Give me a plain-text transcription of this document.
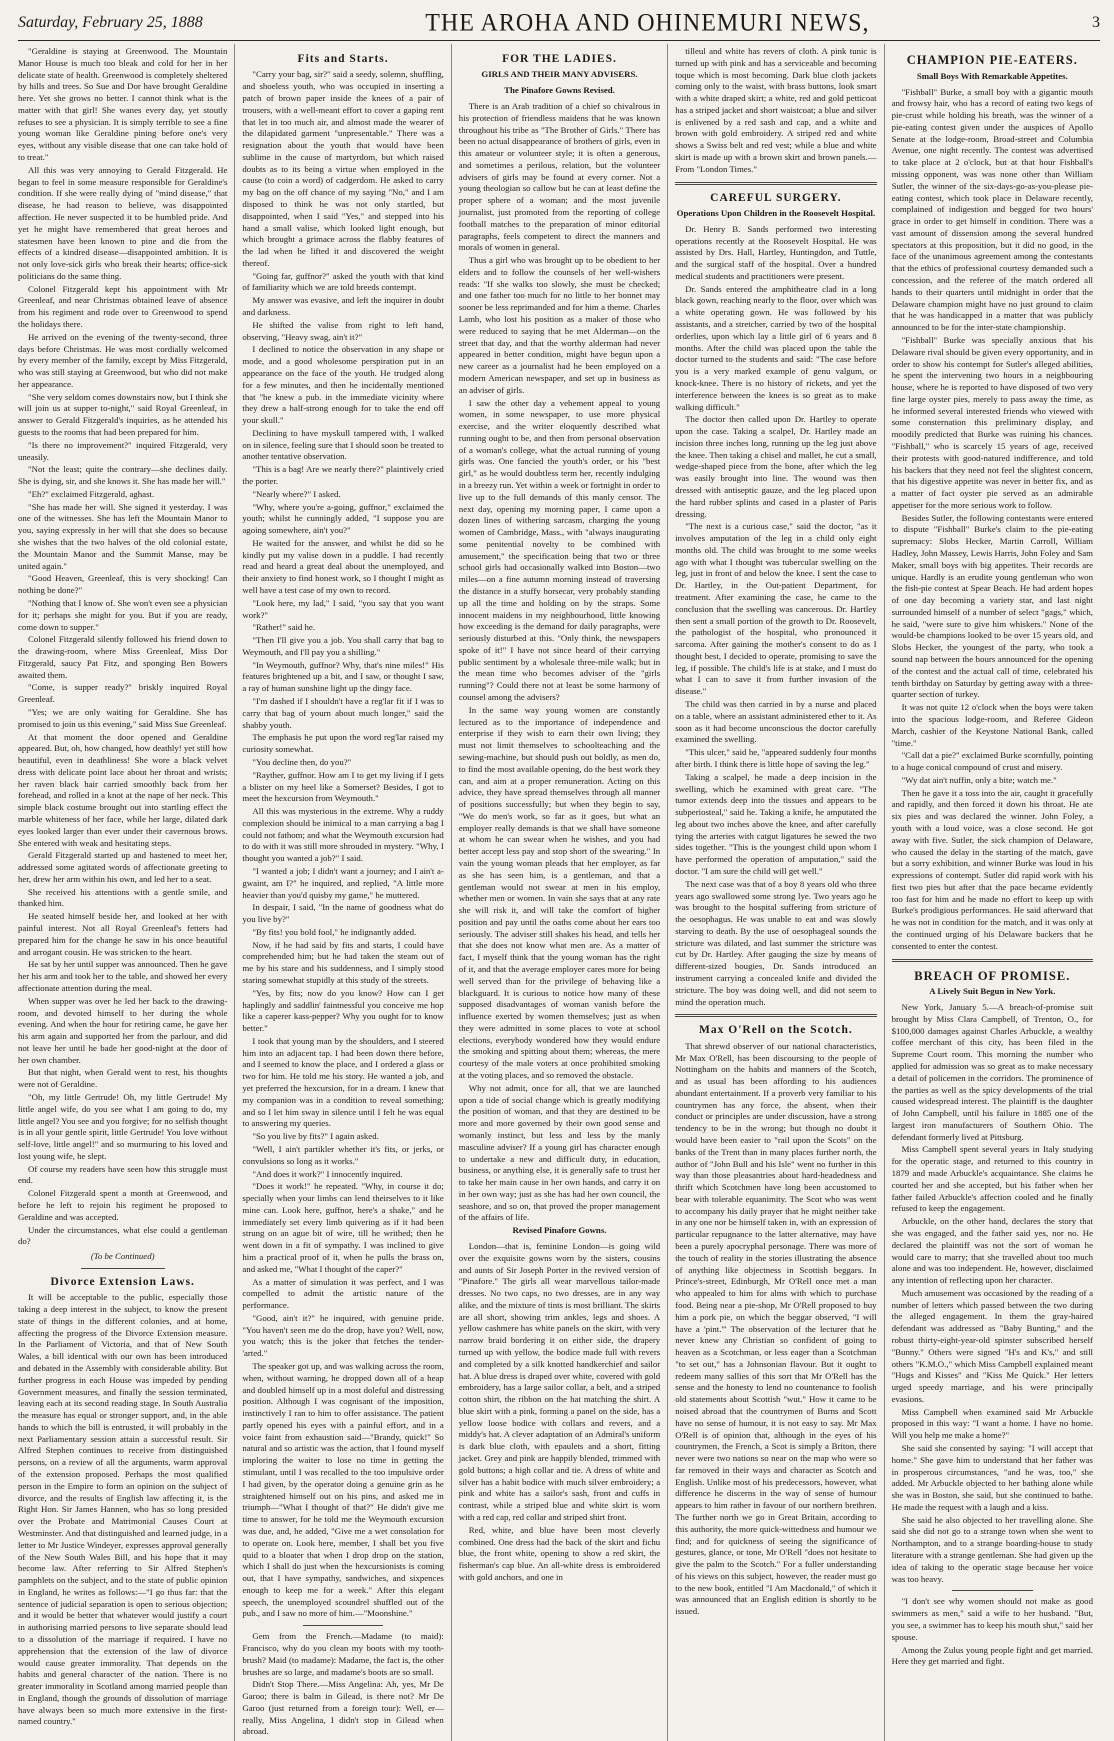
Saturday, February 25, 1888	THE AROHA AND OHINEMURI NEWS,	3

"Geraldine is staying at Greenwood. The Mountain Manor House is much too bleak and cold for her in her delicate state of health. Greenwood is completely sheltered by hills and trees. So Sue and Dor have brought Geraldine here. Yet she grows no better. I cannot think what is the matter with that girl! She wanes every day, yet stoutly refuses to see a physician. It is simply terrible to see a fine young woman like Geraldine pining before one's very eyes, without any visible disease that one can take hold of to treat."

All this was very annoying to Gerald Fitzgerald. He began to feel in some measure responsible for Geraldine's condition. If she were really dying of "mind disease," that disease, he had reason to believe, was disappointed affection. He never suspected it to be humbled pride. And yet he might have remembered that great heroes and statesmen have been known to pine and die from the effects of a kindred disease—disappointed ambition. It is not only love-sick girls who break their hearts; office-sick politicians do the same thing.

Colonel Fitzgerald kept his appointment with Mr Greenleaf, and near Christmas obtained leave of absence from his regiment and rode over to Greenwood to spend the holidays there.

He arrived on the evening of the twenty-second, three days before Christmas. He was most cordially welcomed by every member of the family, except by Miss Fitzgerald, who was still staying at Greenwood, but who did not make her appearance.

"She very seldom comes downstairs now, but I think she will join us at supper to-night," said Royal Greenleaf, in answer to Gerald Fitzgerald's inquiries, as he attended his guests to the rooms that had been prepared for him.

"Is there no improvement?" inquired Fitzgerald, very uneasily.

"Not the least; quite the contrary—she declines daily. She is dying, sir, and she knows it. She has made her will."

"Eh?" exclaimed Fitzgerald, aghast.

"She has made her will. She signed it yesterday. I was one of the witnesses. She has left the Mountain Manor to you, saying expressly in her will that she does so because she wishes that the two halves of the old colonial estate, the Mountain Manor and the Summit Manse, may be united again."

"Good Heaven, Greenleaf, this is very shocking! Can nothing be done?"

"Nothing that I know of. She won't even see a physician for it; perhaps she might for you. But if you are ready, come down to supper."

Colonel Fitzgerald silently followed his friend down to the drawing-room, where Miss Greenleaf, Miss Dor Fitzgerald, saucy Pat Fitz, and sponging Ben Bowers awaited them.

"Come, is supper ready?" briskly inquired Royal Greenleaf.

"Yes; we are only waiting for Geraldine. She has promised to join us this evening," said Miss Sue Greenleaf.

At that moment the door opened and Geraldine appeared. But, oh, how changed, how deathly! yet still how beautiful, even in deathliness! She wore a black velvet dress with delicate point lace about her throat and wrists; her raven black hair carried smoothly back from her forehead, and rolled in a knot at the nape of her neck. This simple black costume brought out into startling effect the marble whiteness of her face, while her large, dilated dark eyes looked larger than ever under their cavernous brows. She entered with weak and hesitating steps.

Gerald Fitzgerald started up and hastened to meet her, addressed some agitated words of affectionate greeting to her, drew her arm within his own, and led her to a seat.

She received his attentions with a gentle smile, and thanked him.

He seated himself beside her, and looked at her with painful interest. Not all Royal Greenleaf's fetters had prepared him for the change he saw in his once beautiful and arrogant cousin. He was stricken to the heart.

He sat by her until supper was announced. Then he gave her his arm and took her to the table, and showed her every affectionate attention during the meal.

When supper was over he led her back to the drawing-room, and devoted himself to her during the whole evening. And when the hour for retiring came, he gave her his arm again and supported her from the parlour, and did not leave her until he bade her good-night at the door of her own chamber.

But that night, when Gerald went to rest, his thoughts were not of Geraldine.

"Oh, my little Gertrude! Oh, my little Gertrude! My little angel wife, do you see what I am going to do, my little angel? You see and you forgive; for no selfish thought is in all your gentle spirit, little Gertrude! You love without self-love, little angel!" and so murmuring to his loved and lost young wife, he slept.

Of course my readers have seen how this struggle must end.

Colonel Fitzgerald spent a month at Greenwood, and before he left to rejoin his regiment he proposed to Geraldine and was accepted.

Under the circumstances, what else could a gentleman do?

(To be Continued)
Divorce Extension Laws.

It will be acceptable to the public, especially those taking a deep interest in the subject, to know the present state of things in the different colonies, and at home, affecting the progress of the Divorce Extension measure. In the Parliament of Victoria, and that of New South Wales, a bill identical with our own has been introduced and debated in the Assembly with considerable ability. But further progress in each House was impeded by pending Government measures, and finally the session terminated, leaving each at its second reading stage. In South Australia the measure has equal or stronger support, and, in the able hands to which the bill is entrusted, it will probably in the next Parliamentary session attain a successful result. Sir Alfred Stephen continues to receive from distinguished persons, on a review of all the arguments, warm approval of the extension proposed. Perhaps the most qualified person in the Empire to form an opinion on the subject of divorce, and the results of English law affecting it, is the Right Hon. Sir James Hannen, who has so long presided over the Probate and Matrimonial Causes Court at Westminster. And that distinguished and learned judge, in a letter to Mr Justice Windeyer, expresses approval generally of the New South Wales Bill, and his hope that it may become law. After referring to Sir Alfred Stephen's pamphlets on the subject, and to the state of public opinion in England, he writes as follows:—"I go thus far: that the sentence of judicial separation is open to serious objection; and it would be better that whatever would justify a court in authorising married persons to live separate should lead to a dissolution of the marriage if required. I have no apprehension that the extension of the law of divorce would cause greater immorality. That depends on the habits and general character of the nation. There is no greater immorality in Scotland among married people than in England, though the grounds of dissolution of marriage have always been so much more extensive in the first-named country."

Fits and Starts.

"Carry your bag, sir?" said a seedy, solemn, shuffling, and shoeless youth, who was occupied in inserting a patch of brown paper inside the knees of a pair of trousers, with a well-meant effort to cover a gaping rent that let in too much air, and almost made the wearer of the dilapidated garment "unpresentable." There was a resignation about the youth that would have been sublime in the cause of martyrdom, but which raised doubts as to its being a virtue when employed in the cause (to coin a word) of cadgerdom. He asked to carry my bag on the off chance of my saying "No," and I am disposed to think he was not only startled, but disappointed, when I said "Yes," and stepped into his hand a small valise, which looked light enough, but which brought a grimace across the flabby features of the lad when he lifted it and discovered the weight thereof.

"Going far, guffnor?" asked the youth with that kind of familiarity which we are told breeds contempt.

My answer was evasive, and left the inquirer in doubt and darkness.

He shifted the valise from right to left hand, observing, "Heavy swag, ain't it?"

I declined to notice the observation in any shape or mode, and a good wholesome perspiration put in an appearance on the face of the youth. He trudged along for a few minutes, and then he incidentally mentioned that "he knew a pub. in the immediate vicinity where they drew a half-strong enough for to take the end off your skull."

Declining to have myskull tampered with, I walked on in silence, feeling sure that I should soon be treated to another tentative observation.

"This is a bag! Are we nearly there?" plaintively cried the porter.

"Nearly where?" I asked.

"Why, where you're a-going, guffnor," exclaimed the youth; whilst he cunningly added, "I suppose you are agoing somewhere, ain't you?"

He waited for the answer, and whilst he did so he kindly put my valise down in a puddle. I had recently read and heard a great deal about the unemployed, and their anxiety to find honest work, so I thought I might as well have a test case of my own to record.

"Look here, my lad," I said, "you say that you want work?"

"Rather!" said he.

"Then I'll give you a job. You shall carry that bag to Weymouth, and I'll pay you a shilling."

"In Weymouth, guffnor? Why, that's nine miles!" His features brightened up a bit, and I saw, or thought I saw, a ray of human sunshine light up the dingy face.

"I'm dashed if I shouldn't have a reg'lar fit if I was to carry that bag of yourn about much longer," said the shabby youth.

The emphasis he put upon the word reg'lar raised my curiosity somewhat.

"You decline then, do you?"

"Rayther, guffnor. How am I to get my living if I gets a blister on my heel like a Somerset? Besides, I got to meet the hexcursion from Weymouth."

All this was mysterious in the extreme. Why a ruddy complexion should be inimical to a man carrying a bag I could not fathom; and what the Weymouth excursion had to do with it was still more shrouded in mystery. "Why, I thought you wanted a job?" I said.

"I wanted a job; I didn't want a journey; and I ain't a-gwaint, am I?" he inquired, and replied, "A little more heavier than you'd quisby my game," he muttered.

In despair, I said, "In the name of goodness what do you live by?"

"By fits! you bold fool," he indignantly added.

Now, if he had said by fits and starts, I could have comprehended him; but he had taken the steam out of me by his stare and his suddenness, and I simply stood staring somewhat stupidly at this study of the streets.

"Yes, by fits; now do you know? How can I get haplingly and saddlin' faintnessful you conceive me hop like a caperer kass-pepper? Why you ought for to know better."

I took that young man by the shoulders, and I steered him into an adjacent tap. I had been down there before, and I seemed to know the place, and I ordered a glass or two for him. He told me his story. He wanted a job, and yet preferred the hexcursion, for in a dream. I knew that my companion was in a condition to reveal something; and so I let him sway in silence until I felt he was equal to answering my queries.

"So you live by fits?" I again asked.

"Well, I ain't partikler whether it's fits, or jerks, or convulsions so long as it works."

"And does it work?" I innocently inquired.

"Does it work!" he repeated. "Why, in course it do; specially when your limbs can lend theirselves to it like mine can. Look here, guffnor, here's a shake," and he immediately set every limb quivering as if it had been strung on an ague bit of wire, till he writhed; then he went down in a fit of sympathy. I was inclined to give him a practical proof of it, when he pulls the brass on, and asked me, "What I thought of the caper?"

As a matter of simulation it was perfect, and I was compelled to admit the artistic nature of the performance.

"Good, ain't it?" he inquired, with genuine pride. "You haven't seen me do the drop, have you? Well, now, you watch; this is the joker that fetches the tender-'arted."

The speaker got up, and was walking across the room, when, without warning, he dropped down all of a heap and doubled himself up in a most doleful and distressing position. Although I was cognisant of the imposition, instinctively I ran to him to offer assistance. The patient partly opened his eyes with a painful effort, and in a voice faint from exhaustion said—"Brandy, quick!" So natural and so artistic was the action, that I found myself imploring the waiter to lose no time in getting the stimulant, until I was recalled to the too impulsive order I had given, by the operator doing a genuine grin as he straightened himself out on his pins, and asked me in triumph—"What I thought of that?" He didn't give me time to answer, for he told me the Weymouth excursion was due, and, he added, "Give me a wet consolation for to operate on. Look here, member, I shall bet you five quid to a bloater that when I drop drop on the station, which I shall do just when the hexcursionists is coming out, that I have sympathy, sandwiches, and sixpences enough to keep me for a week." After this elegant speech, the unemployed scoundrel shuffled out of the pub., and I saw no more of him.—"Moonshine."

Gem from the French.—Madame (to maid): Francisco, why do you clean my boots with my tooth-brush? Maid (to madame): Madame, the fact is, the other brushes are so large, and madame's boots are so small.

Didn't Stop There.—Miss Angelina: Ah, yes, Mr De Garoo; there is balm in Gilead, is there not? Mr De Garoo (just returned from a foreign tour): Well, er—really, Miss Angelina, I didn't stop in Gilead when abroad.

FOR THE LADIES.
GIRLS AND THEIR MANY ADVISERS.
The Pinafore Gowns Revised.

There is an Arab tradition of a chief so chivalrous in his protection of friendless maidens that he was known throughout his tribe as "The Brother of Girls." There has been no actual disappearance of brothers of girls, even in this amateur or volunteer style; it is often a generous, and sometimes a perilous, relation, but the volunteer advisers of girls may be found at every corner. Not a young theologian so callow but he can at least define the proper sphere of a woman; and the most juvenile journalist, just promoted from the reporting of college football matches to the preparation of minor editorial paragraphs, feels competent to direct the manners and morals of women in general.

Thus a girl who was brought up to be obedient to her elders and to follow the counsels of her well-wishers reads: "If she walks too slowly, she must be checked; and one father too much for no little to her bonnet may sooner be less reprimanded and for him a theme. Charles Lamb, who lost his position as a maker of those who were reduced to saying that he met Alderman—on the street that day, and that the worthy alderman had never appeared in better condition, might have begun upon a new career as a journalist had he been employed on a modern American newspaper, and set up in business as an adviser of girls.

I saw the other day a vehement appeal to young women, in some newspaper, to use more physical exercise, and the writer eloquently described what running ought to be, and then from personal observation of a woman's college, what the actual running of young girls was. One fancied the youth's order, or his "best girl," as he would doubtless term her, recently indulging in a breezy run. Yet within a week or fortnight in order to live up to the full demands of this manly censor. The next day, opening my morning paper, I came upon a dozen lines of withering sarcasm, charging the young women of Cambridge, Mass., with "always inaugurating some penitential novelty to be combined with amusement," the specification being that two or three school girls had occasionally walked into Boston—two miles—on a fine autumn morning instead of traversing the distance in a stuffy horsecar, very probably standing up all the time and holding on by the straps. Some innocent maidens in my neighbourhood, little knowing how exceeding is the demand for daily paragraphs, were seriously disturbed at this. "Only think, the newspapers spoke of it!" I have not since heard of their carrying public sentiment by a wholesale three-mile walk; but in the mean time who becomes adviser of the "girls running"? Could there not at least be some harmony of counsel among the advisers?

In the same way young women are constantly lectured as to the importance of independence and enterprise if they wish to earn their own living; they must not limit themselves to schoolteaching and the sewing-machine, but should push out boldly, as men do, to find the most available opening, do the best work they can, and aim at a proper remuneration. Acting on this advice, they have spread themselves through all manner of positions successfully; but when they begin to say, "We do men's work, so far as it goes, but what an employer really demands is that we shall have someone at whom he can swear when he wishes, and you had better accept less pay and stop short of the swearing." In vain the young woman pleads that her employer, as far as she has seen him, is a gentleman, and that a gentleman would not swear at men in his employ, whether men or women. In vain she says that at any rate she will risk it, and will take the comfort of higher position and pay until the oaths come about her ears too seriously. The adviser still shakes his head, and tells her that she does not know what men are. As a matter of fact, I myself think that the young woman has the right of it, and that the average employer cares more for being well served than for the privilege of behaving like a blackguard. It is curious to notice how many of these supposed disadvantages of woman vanish before the influence exerted by women themselves; just as when they were admitted in some places to vote at school elections, everybody wondered how they would endure the smoking and spitting about them; whereas, the mere courtesy of the male voters at once prohibited smoking at the voting places, and so removed the obstacle.

Why not admit, once for all, that we are launched upon a tide of social change which is greatly modifying the position of woman, and that they are destined to be more and more governed by their own good sense and womanly instinct, but less and less by the manly masculine adviser? If a young girl has character enough to undertake a new and difficult duty, in education, business, or anything else, it is generally safe to trust her to take her main cause in her own hands, and carry it on in her own way; just as she has had her own council, the seashore, and so on, that proved the proper management of the affairs of life.

Revised Pinafore Gowns.

London—that is, feminine London—is going wild over the exquisite gowns worn by the sisters, cousins and aunts of Sir Joseph Porter in the revived version of "Pinafore." The girls all wear marvellous tailor-made dresses. No two caps, no two dresses, are in any way alike, and the mixture of tints is most brilliant. The skirts are all short, showing trim ankles, legs and shoes. A yellow cashmere has white panels on the skirt, with very narrow braid bordering it on either side, the drapery turned up with yellow, the bodice made full with revers and completed by a silk knotted handkerchief and sailor hat. A blue dress is draped over white, covered with gold embroidery, has a large sailor collar, a belt, and a striped cotton shirt, the ribbon on the hat matching the shirt. A blue skirt with a pink, forming a panel on the side, has a yellow loose bodice with collars and revers, and a middy's hat. A clever adaptation of an Admiral's uniform is dark blue cloth, with epaulets and a short, fitting jacket. Grey and pink are happily blended, trimmed with gold buttons; a high collar and tie. A dress of white and silver has a habit bodice with much silver embroidery; a pink and white has a sailor's sash, front and cuffs in contrast, while a striped blue and white skirt is worn with a red cap, red collar and striped shirt front.

Red, white, and blue have been most cleverly combined. One dress had the back of the skirt and fichu blue, the front white, opening to show a red skirt, the fisherman's cap blue. An all-white dress is embroidered with gold anchors, and one in

tilleul and white has revers of cloth. A pink tunic is turned up with pink and has a serviceable and becoming toque which is most becoming. Dark blue cloth jackets coming only to the waist, with brass buttons, look smart with a white draped skirt; a white, red and gold petticoat has a striped jacket and short waistcoat; a blue and silver is enlivened by a red sash and cap, and a white and brown with gold embroidery. A striped red and white shows a Swiss belt and red vest; while a blue and white skirt is made up with a brown skirt and brown panels.—From "London Times."

CAREFUL SURGERY.
Operations Upon Children in the Roosevelt Hospital.

Dr. Henry B. Sands performed two interesting operations recently at the Roosevelt Hospital. He was assisted by Drs. Hall, Hartley, Huntingdon, and Tuttle, and the surgical staff of the hospital. Over a hundred medical students and practitioners were present.

Dr. Sands entered the amphitheatre clad in a long black gown, reaching nearly to the floor, over which was a white operating gown. He was followed by his assistants, and a stretcher, carried by two of the hospital orderlies, upon which lay a little girl of 6 years and 8 months. After the child was placed upon the table the doctor turned to the students and said: "The case before you is a very marked example of genu valgum, or knock-knee. There is no history of rickets, and yet the interference between the knees is so great as to make walking difficult."

The doctor then called upon Dr. Hartley to operate upon the case. Taking a scalpel, Dr. Hartley made an incision three inches long, running up the leg just above the knee. Then taking a chisel and mallet, he cut a small, wedge-shaped piece from the bone, after which the leg was easily brought into line. The wound was then dressed with antiseptic gauze, and the leg placed upon the hard rubber splints and cased in a plaster of Paris dressing.

"The next is a curious case," said the doctor, "as it involves amputation of the leg in a child only eight months old. The child was brought to me some weeks ago with what I thought was tubercular swelling on the leg, just in front of and below the knee. I sent the case to Dr. Hartley, in the Out-patient Department, for treatment. After examining the case, he came to the conclusion that the swelling was cancerous. Dr. Hartley then sent a small portion of the growth to Dr. Roosevelt, the pathologist of the hospital, who pronounced it sarcoma. After gaining the mother's consent to do as I thought best, I decided to operate, promising to save the leg, if possible. The child's life is at stake, and I must do what I can to save it from further invasion of the disease."

The child was then carried in by a nurse and placed on a table, where an assistant administered ether to it. As soon as it had become unconscious the doctor carefully examined the swelling.

"This ulcer," said he, "appeared suddenly four months after birth. I think there is little hope of saving the leg."

Taking a scalpel, he made a deep incision in the swelling, which he examined with great care. "The tumor extends deep into the tissues and appears to be subperiosteal," said he. Taking a knife, he amputated the leg about two inches above the knee, and after carefully tying the arteries with catgut ligatures he sewed the two sides together. "This is the youngest child upon whom I have performed the operation of amputation," said the doctor. "I am sure the child will get well."

The next case was that of a boy 8 years old who three years ago swallowed some strong lye. Two years ago he was brought to the hospital suffering from stricture of the oesophagus. He was unable to eat and was slowly starving to death. By the use of oesophageal sounds the stricture was dilated, and last summer the stricture was cut by Dr. Hartley. After gauging the size by means of different-sized bougies, Dr. Sands introduced an instrument carrying a concealed knife and divided the stricture. The boy was doing well, and did not seem to mind the operation much.

Max O'Rell on the Scotch.

That shrewd observer of our national characteristics, Mr Max O'Rell, has been discoursing to the people of Nottingham on the habits and manners of the Scotch, and as usual has been affording to his audiences abundant entertainment. If a proverb very familiar to his countrymen has any force, the absent, when their conduct or principles are under discussion, have a strong tendency to be in the wrong; but though no doubt it would have been easier to "rail upon the Scots" on the banks of the Trent than in many places further north, the author of "John Bull and his Isle" went no further in this way than those pleasantries about hard-headedness and thrift which Scotchmen have long been accustomed to bear with tolerable equanimity. The Scot who was went to accompany his daily prayer that he might neither take in any one nor be himself taken in, with an expression of particular repugnance to the latter alternative, may have been a purely apocryphal personage. There was more of the touch of reality in the stories illustrating the absence of anything like objectness in Scottish beggars. In Prince's-street, Edinburgh, Mr O'Rell once met a man who appealed to him for alms with which to purchase food. Being near a pie-shop, Mr O'Rell proposed to buy him a pork pie, on which the beggar observed, "I will have a 'pint.'" The observation of the lecturer that he never knew any Christian so confident of going to heaven as a Scotchman, or less eager than a Scotchman "to set out," has a Johnsonian flavour. But it ought to redeem many sallies of this sort that Mr O'Rell has the sense and the honesty to lend no countenance to foolish old statements about Scottish "wut." How it came to be noised abroad that the countrymen of Burns and Scott have no sense of humour, it is not easy to say. Mr Max O'Rell is of opinion that, although in the eyes of his countrymen, the French, a Scot is simply a Briton, there never were two nations so near on the map who were so far removed in their ways and character as Scotch and English. Unlike most of his predecessors, however, what difference he discerns in the way of sense of humour appears to him rather in favour of our northern brethren. The further north we go in Great Britain, according to this authority, the more quick-wittedness and humour we find; and for quickness of seeing the significance of gestures, glance, or tone, Mr O'Rell "does not hesitate to give the palm to the Scotch." For a fuller understanding of his views on this subject, however, the reader must go to the new book, entitled "I Am Macdonald," of which it was announced that an English edition is shortly to be issued.

CHAMPION PIE-EATERS.
Small Boys With Remarkable Appetites.

"Fishball" Burke, a small boy with a gigantic mouth and frowsy hair, who has a record of eating two kegs of pie-crust while holding his breath, was the winner of a pie-eating contest given under the auspices of Apollo Senate at the lodge-room, Broad-street and Columbia Avenue, one night recently. The contest was advertised to take place at 2 o'clock, but at that hour Fishball's missing opponent, was was none other than William Sutler, the winner of the six-days-go-as-you-please pie-eating contest, which took place in Delaware recently, complained of indigestion and begged for two hours' grace in order to get himself in condition. There was a vast amount of dissension among the several hundred spectators at this proposition, but it did no good, in the face of the unanimous agreement among the contestants that the ethics of professional courtesy demanded such a concession, and the referee of the match ordered all hands to their quarters until midnight in order that the Delaware champion might have no just ground to claim that he was handicapped in a matter that was publicly announced to be for the inter-state championship.

"Fishball" Burke was specially anxious that his Delaware rival should be given every opportunity, and in order to show his contempt for Sutler's alleged abilities, he spent the intervening two hours in a neighbouring house, where he is reported to have disposed of two very fine large oyster pies, merely to pass away the time, as he informed several interested friends who viewed with some consternation this preliminary display, and moodily predicted that Burke was ruining his chances. "Fishball," who is scarcely 15 years of age, received their protests with good-natured indifference, and told his backers that they need not feel the slightest concern, that his digestive appetite was never in better fix, and as a matter of fact oyster pie served as an admirable appetiser for the more serious work to follow.

Besides Sutler, the following contestants were entered to dispute "Fishball" Burke's claim to the pie-eating supremacy: Slobs Hecker, Martin Carroll, William Hadley, John Massey, Lewis Harris, John Foley and Sam Maker, small boys with big appetites. Their records are unique. Hardly is an erudite young gentleman who won the fish-pie contest at Spear Beach. He had ardent hopes of one day becoming a variety star, and last night surrounded himself of a number of select "gags," which, he said, "were sure to give him whiskers." None of the would-be champions looked to be over 15 years old, and Slobs Hecker, the youngest of the party, who took a sound nap between the hours announced for the opening of the contest and the actual call of time, celebrated his tenth birthday on Saturday by getting away with a three-quarter section of turkey.

It was not quite 12 o'clock when the boys were taken into the spacious lodge-room, and Referee Gideon March, cashier of the Keystone National Bank, called "time."

"Call dat a pie?" exclaimed Burke scornfully, pointing to a huge conical compound of crust and misery.

"Wy dat ain't nuffin, only a bite; watch me."

Then he gave it a toss into the air, caught it gracefully and rapidly, and then forced it down his throat. He ate six pies and was declared the winner. John Foley, a youth with a loud voice, was a close second. He got away with five. Sutler, the sick champion of Delaware, who caused the delay in the starting of the match, gave but a sorry exhibition, and winner Burke was loud in his expressions of contempt. Sutler did rapid work with his first two pies but after that the pace became evidently too fast for him and he made no effort to keep up with Burke's prodigious performances. He said afterward that he was not in condition for the match, and it was only at the continued urging of his Delaware backers that he consented to enter the contest.

BREACH OF PROMISE.
A Lively Suit Begun in New York.

New York, January 5.—A breach-of-promise suit brought by Miss Clara Campbell, of Trenton, O., for $100,000 damages against Charles Arbuckle, a wealthy coffee merchant of this city, has been filed in the Supreme Court room. This morning the number who applied for admission was so great as to make necessary a detail of policemen in the corridors. The prominence of the parties as well as the spicy developments of the trial caused widespread interest. The plaintiff is the daughter of John Campbell, until his failure in 1885 one of the largest iron manufacturers of Southern Ohio. The defendant formerly lived at Pittsburg.

Miss Campbell spent several years in Italy studying for the operatic stage, and returned to this country in 1879 and made Arbuckle's acquaintance. She claims he courted her and she accepted, but his father when her father failed Arbuckle's affection cooled and he finally refused to keep the engagement.

Arbuckle, on the other hand, declares the story that she was engaged, and the father said yes, nor no. He declared the plaintiff was not the sort of woman he would care to marry; that she travelled about too much alone and was too independent. He, however, disclaimed any intention of reflecting upon her character.

Much amusement was occasioned by the reading of a number of letters which passed between the two during the alleged engagement. In them the gray-haired defendant was addressed as "Baby Bunting," and the robust thirty-eight-year-old spinster subscribed herself "Bunny." Others were signed "H's and K's," and still others "K.M.O.," which Miss Campbell explained meant "Hugs and Kisses" and "Kiss Me Quick." Her letters urged speedy marriage, and his were principally evasions.

Miss Campbell when examined said Mr Arbuckle proposed in this way: "I want a home. I have no home. Will you help me make a home?"

She said she consented by saying: "I will accept that home." She gave him to understand that her father was in prosperous circumstances, "and he was, too," she added. Mr Arbuckle objected to her bathing alone while she was in Boston, she said, but she continued to bathe. He made the request with a laugh and a kiss.

She said he also objected to her travelling alone. She said she did not go to a strange town when she went to Northampton, and to a strange boarding-house to study literature with a strange gentleman. She had given up the idea of taking to the operatic stage because her voice was too heavy.

"I don't see why women should not make as good swimmers as men," said a wife to her husband. "But, you see, a swimmer has to keep his mouth shut," said her spouse.

Among the Zulus young people fight and get married. Here they get married and fight.
